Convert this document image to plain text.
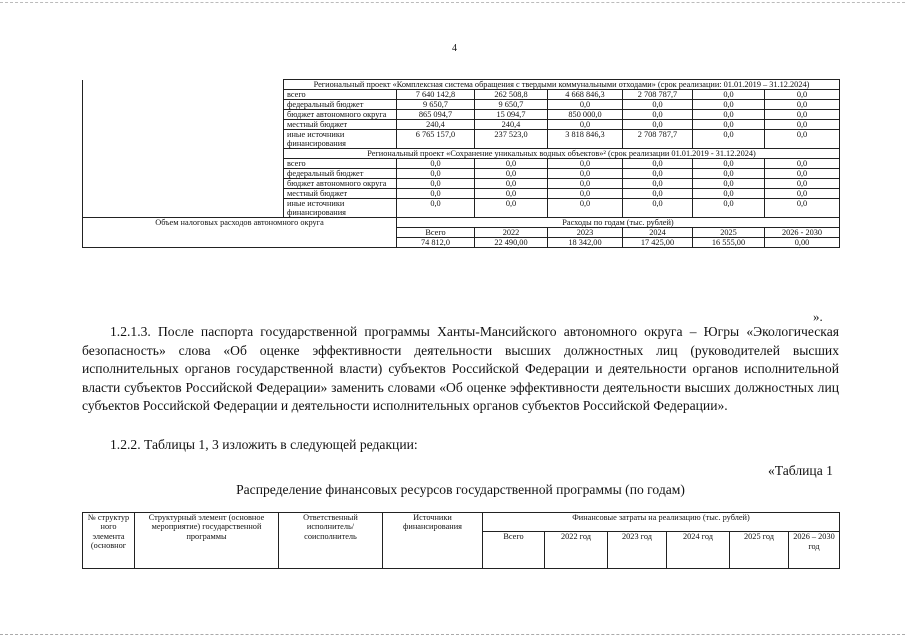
4
	Региональный проект «Комплексная система обращения с твердыми коммунальными отходами» (срок реализации: 01.01.2019 – 31.12.2024)						
	всего	7 640 142,8	262 508,8	4 668 846,3	2 708 787,7	0,0	0,0
	федеральный бюджет	9 650,7	9 650,7	0,0	0,0	0,0	0,0
	бюджет автономного округа	865 094,7	15 094,7	850 000,0	0,0	0,0	0,0
	местный бюджет	240,4	240,4	0,0	0,0	0,0	0,0
	иные источники финансирования	6 765 157,0	237 523,0	3 818 846,3	2 708 787,7	0,0	0,0
	Региональный проект «Сохранение уникальных водных объектов»² (срок реализации 01.01.2019 - 31.12.2024)						
	всего	0,0	0,0	0,0	0,0	0,0	0,0
	федеральный бюджет	0,0	0,0	0,0	0,0	0,0	0,0
	бюджет автономного округа	0,0	0,0	0,0	0,0	0,0	0,0
	местный бюджет	0,0	0,0	0,0	0,0	0,0	0,0
	иные источники финансирования	0,0	0,0	0,0	0,0	0,0	0,0
Объем налоговых расходов автономного округа		Расходы по годам (тыс. рублей)					
		Всего	2022	2023	2024	2025	2026 - 2030
		74 812,0	22 490,00	18 342,00	17 425,00	16 555,00	0,00
».
1.2.1.3. После паспорта государственной программы Ханты-Мансийского автономного округа – Югры «Экологическая безопасность» слова «Об оценке эффективности деятельности высших должностных лиц (руководителей высших исполнительных органов государственной власти) субъектов Российской Федерации и деятельности органов исполнительной власти субъектов Российской Федерации» заменить словами «Об оценке эффективности деятельности высших должностных лиц субъектов Российской Федерации и деятельности исполнительных органов субъектов Российской Федерации».
1.2.2. Таблицы 1, 3 изложить в следующей редакции:
«Таблица 1
Распределение финансовых ресурсов государственной программы (по годам)
№ структур ного элемента (основног	Структурный элемент (основное мероприятие) государственной программы	Ответственный исполнитель/ соисполнитель	Источники финансирования	Финансовые затраты на реализацию (тыс. рублей)					
				Всего	2022 год	2023 год	2024 год	2025 год	2026 – 2030 год
